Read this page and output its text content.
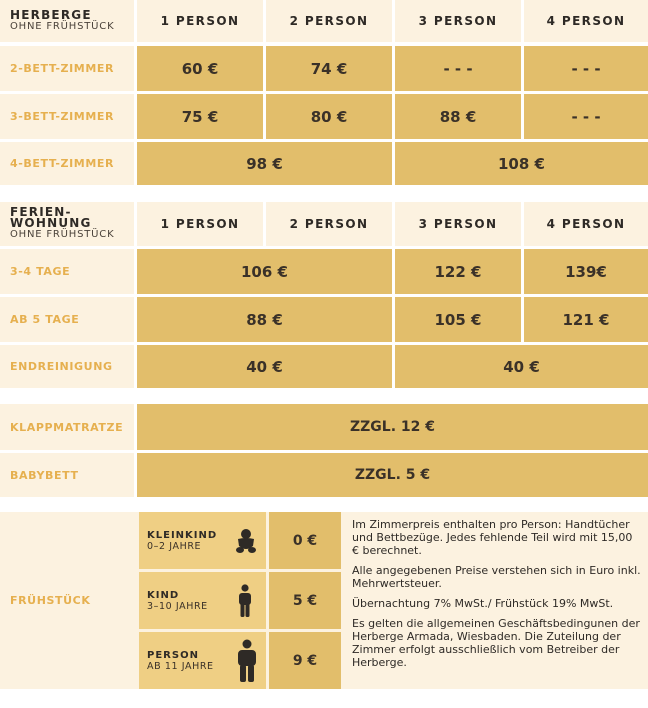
HERBERGE
OHNE FRÜHSTÜCK	1 PERSON	2 PERSON	3 PERSON	4 PERSON
2-BETT-ZIMMER	60 €	74 €	- - -	- - -
3-BETT-ZIMMER	75 €	80 €	88 €	- - -
4-BETT-ZIMMER	98 €	108 €
FERIEN-
WOHNUNG
OHNE FRÜHSTÜCK
1 PERSON	2 PERSON	3 PERSON	4 PERSON
3-4 TAGE	106 €	122 €	139€
AB 5 TAGE	88 €	105 €	121 €
ENDREINIGUNG	40 €	40 €
KLAPPMATRATZE	ZZGL. 12 €
BABYBETT	ZZGL. 5 €
FRÜHSTÜCK
KLEINKIND
0–2 JAHRE	0 €
KIND
3–10 JAHRE	5 €
PERSON
AB 11 JAHRE	9 €

Im Zimmerpreis enthalten pro Person: Handtücher und Bettbezüge. Jedes fehlende Teil wird mit 15,00 € berechnet.

Alle angegebenen Preise verstehen sich in Euro inkl. Mehrwertsteuer.

Übernachtung 7% MwSt./ Frühstück 19% MwSt.

Es gelten die allgemeinen Geschäftsbedingunen der Herberge Armada, Wiesbaden. Die Zuteilung der Zimmer erfolgt ausschließlich vom Betreiber der Herberge.
